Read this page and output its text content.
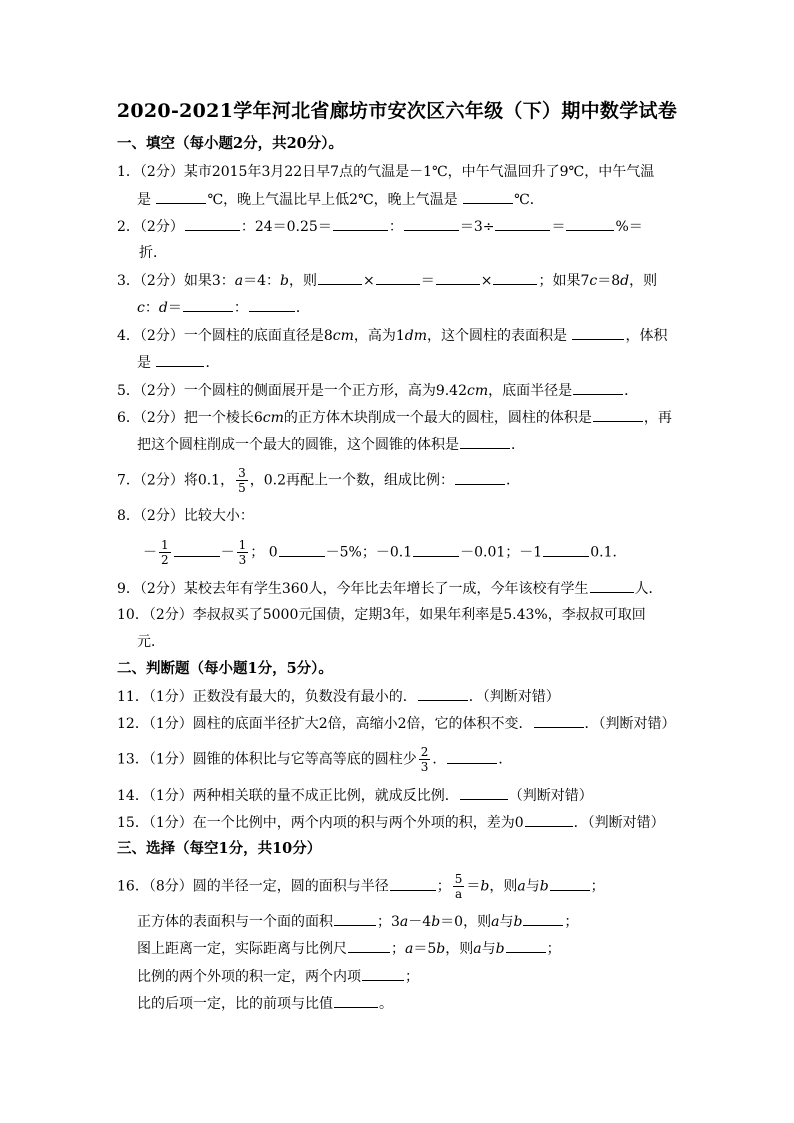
2020-2021学年河北省廊坊市安次区六年级（下）期中数学试卷
一、填空（每小题2分，共20分）。
1．（2分）某市2015年3月22日早7点的气温是－1℃，中午气温回升了9℃，中午气温
是	℃，晚上气温比早上低2℃，晚上气温是	℃．
2．（2分）	：24＝0.25＝	：	＝3÷	＝	%＝
折．
3．（2分）如果3：a＝4：b，则	×	＝	×	；如果7c＝8d，则
c：d＝	：	．
4．（2分）一个圆柱的底面直径是8cm，高为1dm，这个圆柱的表面积是	，体积
是	．
5．（2分）一个圆柱的侧面展开是一个正方形，高为9.42cm，底面半径是	．
6．（2分）把一个棱长6cm的正方体木块削成一个最大的圆柱，圆柱的体积是	，再
把这个圆柱削成一个最大的圆锥，这个圆锥的体积是	．
7．（2分）将0.1， $\frac{3}{5}$ ，0.2再配上一个数，组成比例：	．
8．（2分）比较大小：
－ $\frac{1}{2}$	－ $\frac{1}{3}$ ； 0	－5%；－0.1	－0.01；－1	0.1．
9．（2分）某校去年有学生360人，今年比去年增长了一成，今年该校有学生	人．
10．（2分）李叔叔买了5000元国债，定期3年，如果年利率是5.43%，李叔叔可取回
元．
二、判断题（每小题1分，5分）。
11．（1分）正数没有最大的，负数没有最小的．	．（判断对错）
12．（1分）圆柱的底面半径扩大2倍，高缩小2倍，它的体积不变．	．（判断对错）
13．（1分）圆锥的体积比与它等高等底的圆柱少 $\frac{2}{3}$ ．	．
14．（1分）两种相关联的量不成正比例，就成反比例．	（判断对错）
15．（1分）在一个比例中，两个内项的积与两个外项的积，差为0	．（判断对错）
三、选择（每空1分，共10分）
16．（8分）圆的半径一定，圆的面积与半径	； $\frac{5}{a} =b$，则a与b	；
正方体的表面积与一个面的面积	；3a－4b＝0，则a与b	；
图上距离一定，实际距离与比例尺	；a＝5b，则a与b	；
比例的两个外项的积一定，两个内项	；
比的后项一定，比的前项与比值	。
